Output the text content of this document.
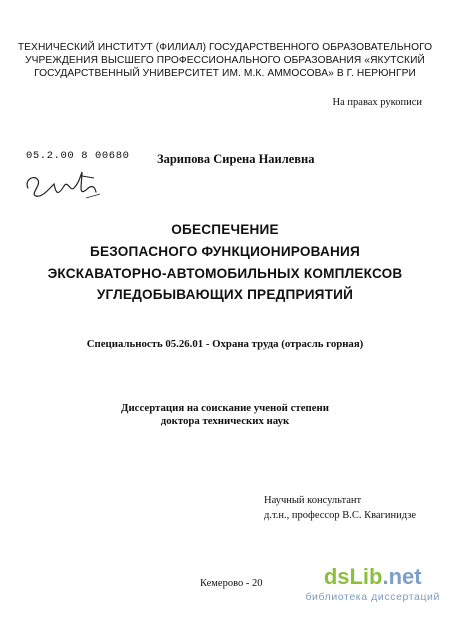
ТЕХНИЧЕСКИЙ ИНСТИТУТ (ФИЛИАЛ) ГОСУДАРСТВЕННОГО ОБРАЗОВАТЕЛЬНОГО
УЧРЕЖДЕНИЯ ВЫСШЕГО ПРОФЕССИОНАЛЬНОГО ОБРАЗОВАНИЯ «ЯКУТСКИЙ
ГОСУДАРСТВЕННЫЙ УНИВЕРСИТЕТ ИМ. М.К. АММОСОВА» В Г. НЕРЮНГРИ
На правах рукописи
05.2.00 8 00680 Зарипова Сирена Наилевна
ОБЕСПЕЧЕНИЕ
БЕЗОПАСНОГО ФУНКЦИОНИРОВАНИЯ
ЭКСКАВАТОРНО-АВТОМОБИЛЬНЫХ КОМПЛЕКСОВ
УГЛЕДОБЫВАЮЩИХ ПРЕДПРИЯТИЙ
Специальность 05.26.01 - Охрана труда (отрасль горная)
Диссертация на соискание ученой степени
доктора технических наук
Научный консультант
д.т.н., профессор В.С. Квагинидзе
Кемерово - 20	dsLib.net
библиотека диссертаций
